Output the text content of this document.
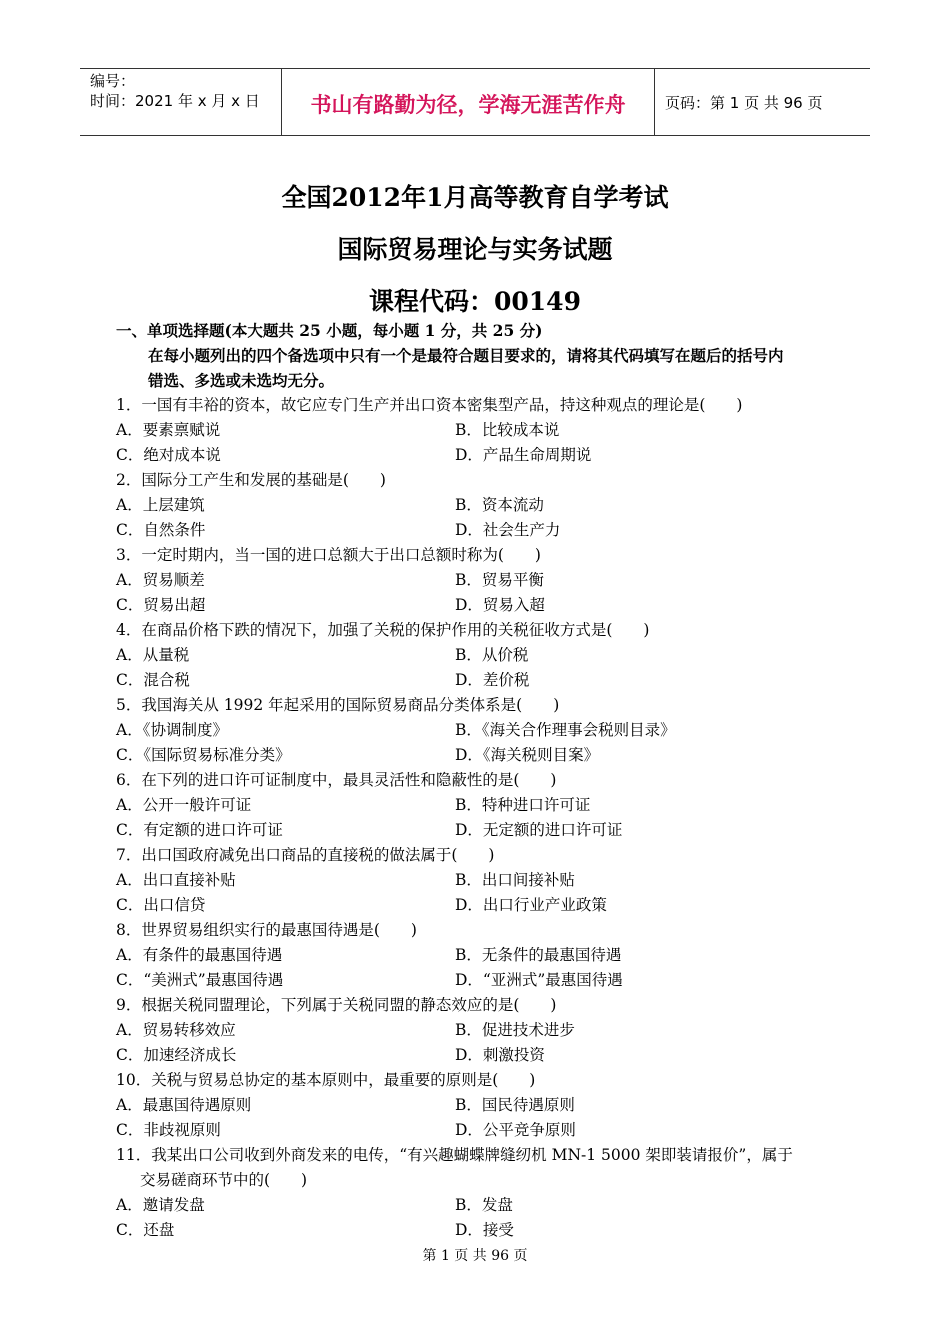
编号：
时间：2021 年 x 月 x 日	书山有路勤为径，学海无涯苦作舟	页码：第 1 页 共 96 页
全国2012年1月高等教育自学考试
国际贸易理论与实务试题
课程代码：00149
一、单项选择题(本大题共 25 小题，每小题 1 分，共 25 分)
在每小题列出的四个备选项中只有一个是最符合题目要求的，请将其代码填写在题后的括号内
错选、多选或未选均无分。
1．一国有丰裕的资本，故它应专门生产并出口资本密集型产品，持这种观点的理论是(　　)
A．要素禀赋说	B．比较成本说
C．绝对成本说	D．产品生命周期说
2．国际分工产生和发展的基础是(　　)
A．上层建筑	B．资本流动
C．自然条件	D．社会生产力
3．一定时期内，当一国的进口总额大于出口总额时称为(　　)
A．贸易顺差	B．贸易平衡
C．贸易出超	D．贸易入超
4．在商品价格下跌的情况下，加强了关税的保护作用的关税征收方式是(　　)
A．从量税	B．从价税
C．混合税	D．差价税
5．我国海关从 1992 年起采用的国际贸易商品分类体系是(　　)
A．《协调制度》	B．《海关合作理事会税则目录》
C．《国际贸易标准分类》	D．《海关税则目案》
6．在下列的进口许可证制度中，最具灵活性和隐蔽性的是(　　)
A．公开一般许可证	B．特种进口许可证
C．有定额的进口许可证	D．无定额的进口许可证
7．出口国政府减免出口商品的直接税的做法属于(　　)
A．出口直接补贴	B．出口间接补贴
C．出口信贷	D．出口行业产业政策
8．世界贸易组织实行的最惠国待遇是(　　)
A．有条件的最惠国待遇	B．无条件的最惠国待遇
C．“美洲式”最惠国待遇	D．“亚洲式”最惠国待遇
9．根据关税同盟理论，下列属于关税同盟的静态效应的是(　　)
A．贸易转移效应	B．促进技术进步
C．加速经济成长	D．刺激投资
10．关税与贸易总协定的基本原则中，最重要的原则是(　　)
A．最惠国待遇原则	B．国民待遇原则
C．非歧视原则	D．公平竞争原则
11．我某出口公司收到外商发来的电传，“有兴趣蝴蝶牌缝纫机 MN-1 5000 架即装请报价”，属于
交易磋商环节中的(　　)
A．邀请发盘	B．发盘
C．还盘	D．接受
第 1 页 共 96 页
